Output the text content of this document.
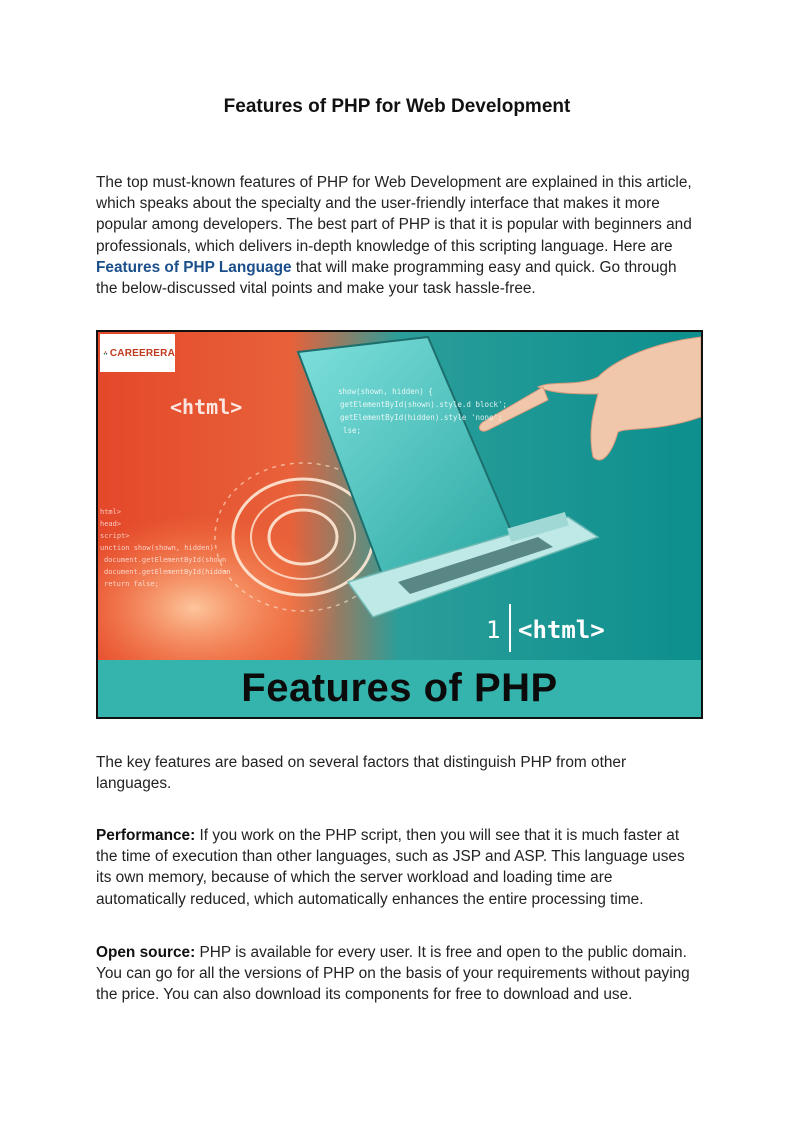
Features of PHP for Web Development

The top must-known features of PHP for Web Development are explained in this article, which speaks about the specialty and the user-friendly interface that makes it more popular among developers. The best part of PHP is that it is popular with beginners and professionals, which delivers in-depth knowledge of this scripting language. Here are Features of PHP Language that will make programming easy and quick. Go through the below-discussed vital points and make your task hassle-free.

show(shown, hidden) {
getElementById(shown).style.d block';
getElementById(hidden).style 'none';
lse;
html>
head>
script>
unction show(shown, hidden)
document.getElementById(shown
document.getElementById(hidden
return false;
<html>
1 <html>
CAREERERA
Features of PHP

The key features are based on several factors that distinguish PHP from other languages.

Performance: If you work on the PHP script, then you will see that it is much faster at the time of execution than other languages, such as JSP and ASP. This language uses its own memory, because of which the server workload and loading time are automatically reduced, which automatically enhances the entire processing time.

Open source: PHP is available for every user. It is free and open to the public domain. You can go for all the versions of PHP on the basis of your requirements without paying the price. You can also download its components for free to download and use.
